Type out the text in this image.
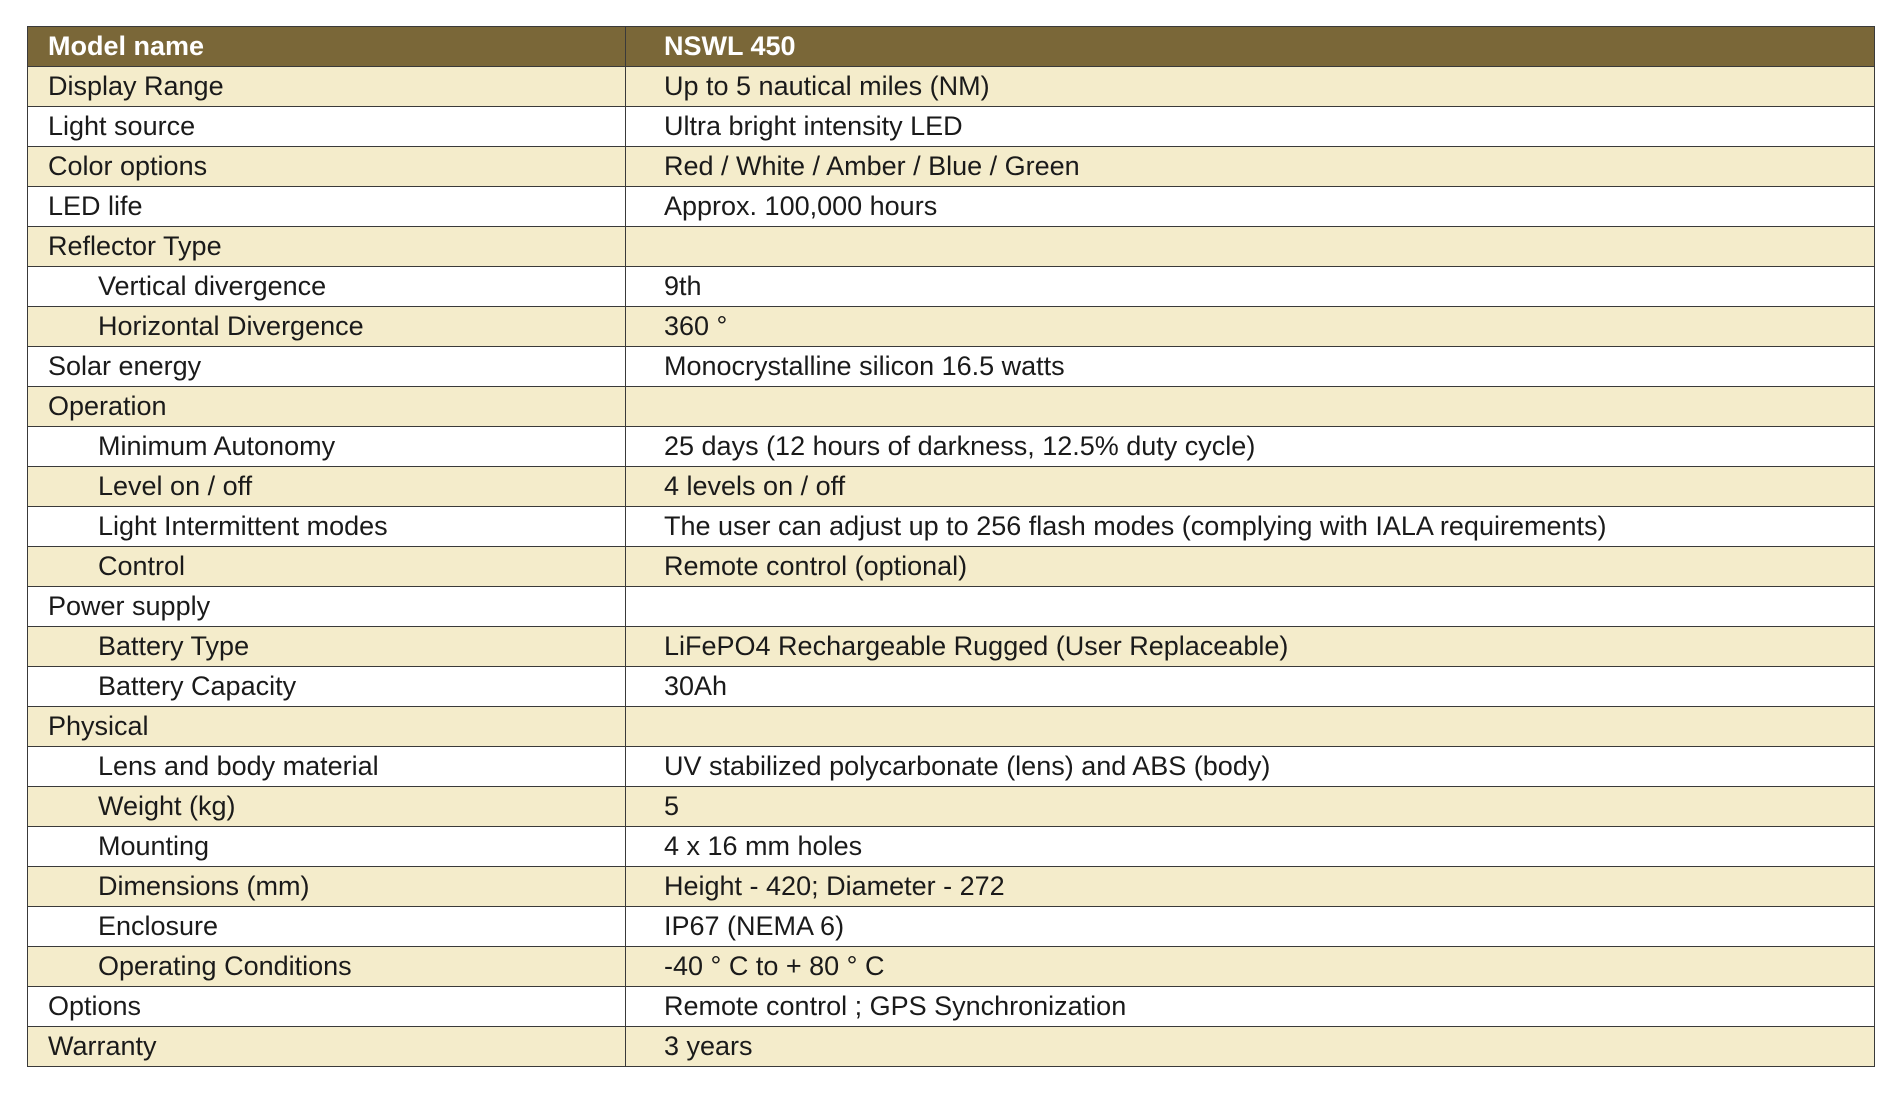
Model name	NSWL 450
Display Range	Up to 5 nautical miles (NM)
Light source	Ultra bright intensity LED
Color options	Red / White / Amber / Blue / Green
LED life	Approx. 100,000 hours
Reflector Type	
Vertical divergence	9th
Horizontal Divergence	360 °
Solar energy	Monocrystalline silicon 16.5 watts
Operation	
Minimum Autonomy	25 days (12 hours of darkness, 12.5% duty cycle)
Level on / off	4 levels on / off
Light Intermittent modes	The user can adjust up to 256 flash modes (complying with IALA requirements)
Control	Remote control (optional)
Power supply	
Battery Type	LiFePO4 Rechargeable Rugged (User Replaceable)
Battery Capacity	30Ah
Physical	
Lens and body material	UV stabilized polycarbonate (lens) and ABS (body)
Weight (kg)	5
Mounting	4 x 16 mm holes
Dimensions (mm)	Height - 420; Diameter - 272
Enclosure	IP67 (NEMA 6)
Operating Conditions	-40 ° C to + 80 ° C
Options	Remote control ; GPS Synchronization
Warranty	3 years
